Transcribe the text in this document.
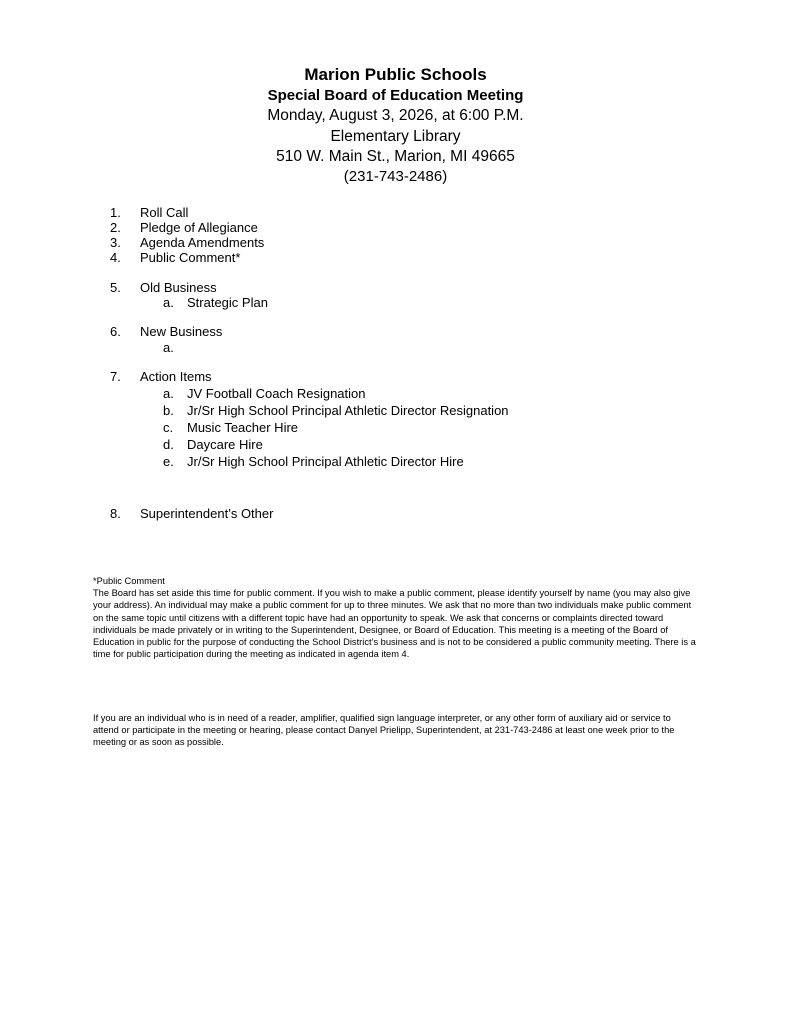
Marion Public Schools

Special Board of Education Meeting

Monday, August 3, 2026, at 6:00 P.M.

Elementary Library

510 W. Main St., Marion, MI 49665

(231-743-2486)

1. Roll Call
2. Pledge of Allegiance
3. Agenda Amendments
4. Public Comment*
5. Old Business
a. Strategic Plan
6. New Business
a.
7. Action Items
a. JV Football Coach Resignation
b. Jr/Sr High School Principal Athletic Director Resignation
c. Music Teacher Hire
d. Daycare Hire
e. Jr/Sr High School Principal Athletic Director Hire
8. Superintendent’s Other

*Public Comment

The Board has set aside this time for public comment. If you wish to make a public comment, please identify yourself by name (you may also give your address). An individual may make a public comment for up to three minutes. We ask that no more than two individuals make public comment on the same topic until citizens with a different topic have had an opportunity to speak. We ask that concerns or complaints directed toward individuals be made privately or in writing to the Superintendent, Designee, or Board of Education. This meeting is a meeting of the Board of Education in public for the purpose of conducting the School District’s business and is not to be considered a public community meeting. There is a time for public participation during the meeting as indicated in agenda item 4.

If you are an individual who is in need of a reader, amplifier, qualified sign language interpreter, or any other form of auxiliary aid or service to attend or participate in the meeting or hearing, please contact Danyel Prielipp, Superintendent, at 231-743-2486 at least one week prior to the meeting or as soon as possible.
